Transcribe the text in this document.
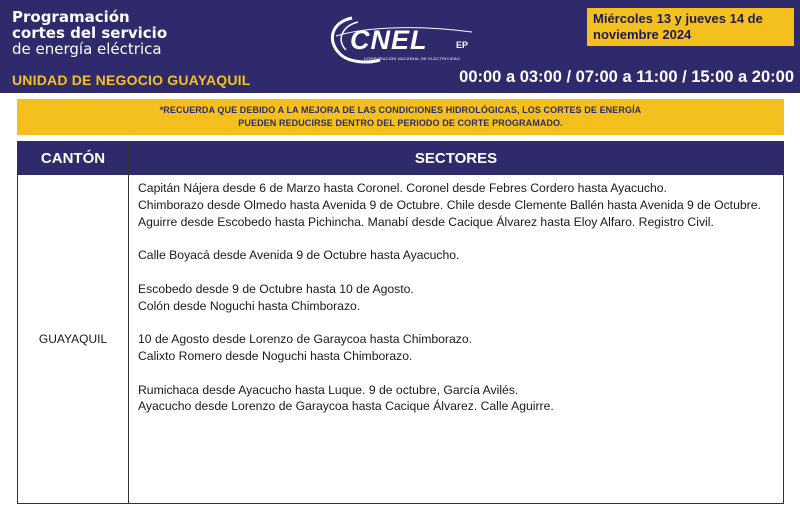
Programación
cortes del servicio
de energía eléctrica
UNIDAD DE NEGOCIO GUAYAQUIL
CNEL	EP
CORPORACIÓN NACIONAL DE ELECTRICIDAD
Miércoles 13 y jueves 14 de noviembre 2024
00:00 a 03:00 / 07:00 a 11:00 / 15:00 a 20:00
*RECUERDA QUE DEBIDO A LA MEJORA DE LAS CONDICIONES HIDROLÓGICAS, LOS CORTES DE ENERGÍA
PUEDEN REDUCIRSE DENTRO DEL PERIODO DE CORTE PROGRAMADO.
CANTÓN	SECTORES
GUAYAQUIL
Capitán Nájera desde 6 de Marzo hasta Coronel. Coronel desde Febres Cordero hasta Ayacucho.
Chimborazo desde Olmedo hasta Avenida 9 de Octubre. Chile desde Clemente Ballén hasta Avenida 9 de Octubre.
Aguirre desde Escobedo hasta Pichincha. Manabí desde Cacique Álvarez hasta Eloy Alfaro. Registro Civil.
Calle Boyacá desde Avenida 9 de Octubre hasta Ayacucho.
Escobedo desde 9 de Octubre hasta 10 de Agosto.
Colón desde Noguchi hasta Chimborazo.
10 de Agosto desde Lorenzo de Garaycoa hasta Chimborazo.
Calixto Romero desde Noguchi hasta Chimborazo.
Rumichaca desde Ayacucho hasta Luque. 9 de octubre, García Avilés.
Ayacucho desde Lorenzo de Garaycoa hasta Cacique Álvarez. Calle Aguirre.
